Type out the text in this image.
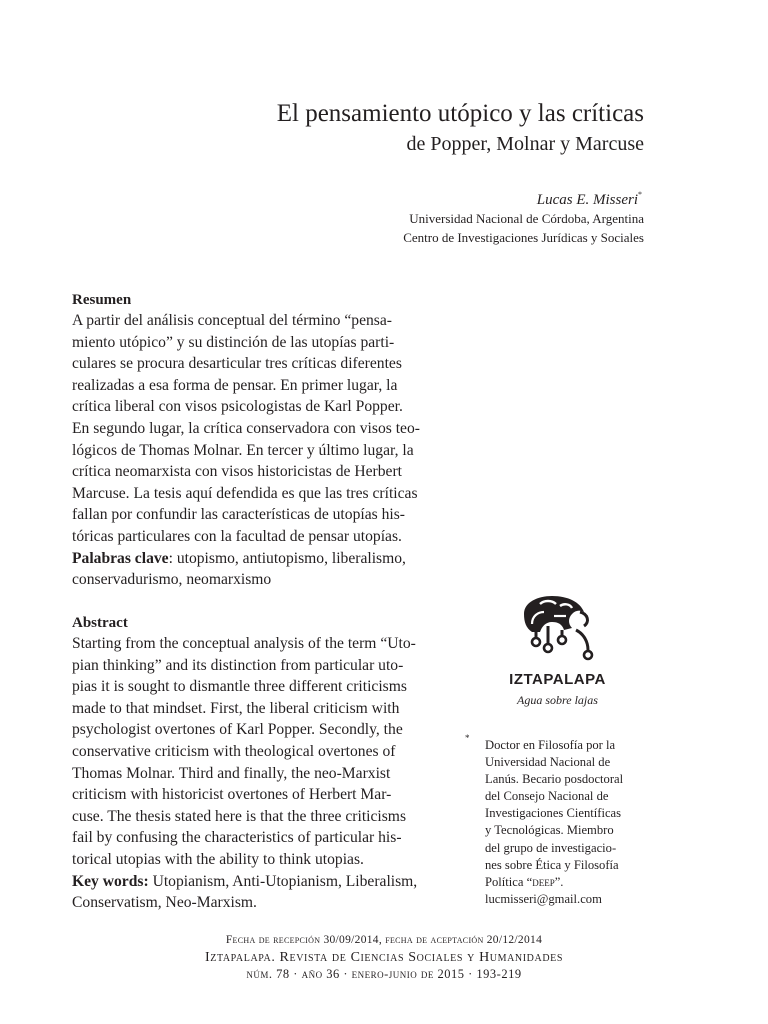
El pensamiento utópico y las críticas
de Popper, Molnar y Marcuse
Lucas E. Misseri*
Universidad Nacional de Córdoba, Argentina
Centro de Investigaciones Jurídicas y Sociales
Resumen
A partir del análisis conceptual del término “pensa-
miento utópico” y su distinción de las utopías parti-
culares se procura desarticular tres críticas diferentes
realizadas a esa forma de pensar. En primer lugar, la
crítica liberal con visos psicologistas de Karl Popper.
En segundo lugar, la crítica conservadora con visos teo-
lógicos de Thomas Molnar. En tercer y último lugar, la
crítica neomarxista con visos historicistas de Herbert
Marcuse. La tesis aquí defendida es que las tres críticas
fallan por confundir las características de utopías his-
tóricas particulares con la facultad de pensar utopías.
Palabras clave: utopismo, antiutopismo, liberalismo,
conservadurismo, neomarxismo
Abstract
Starting from the conceptual analysis of the term “Uto-
pian thinking” and its distinction from particular uto-
pias it is sought to dismantle three different criticisms
made to that mindset. First, the liberal criticism with
psychologist overtones of Karl Popper. Secondly, the
conservative criticism with theological overtones of
Thomas Molnar. Third and finally, the neo-Marxist
criticism with historicist overtones of Herbert Mar-
cuse. The thesis stated here is that the three criticisms
fail by confusing the characteristics of particular his-
torical utopias with the ability to think utopias.
Key words: Utopianism, Anti-Utopianism, Liberalism,
Conservatism, Neo-Marxism.
IZTAPALAPA
Agua sobre lajas
* Doctor en Filosofía por la
Universidad Nacional de
Lanús. Becario posdoctoral
del Consejo Nacional de
Investigaciones Científicas
y Tecnológicas. Miembro
del grupo de investigacio-
nes sobre Ética y Filosofía
Política “deep”.
lucmisseri@gmail.com
Fecha de recepción 30/09/2014, fecha de aceptación 20/12/2014
Iztapalapa. Revista de Ciencias Sociales y Humanidades
núm. 78 · año 36 · enero-junio de 2015 · 193-219
